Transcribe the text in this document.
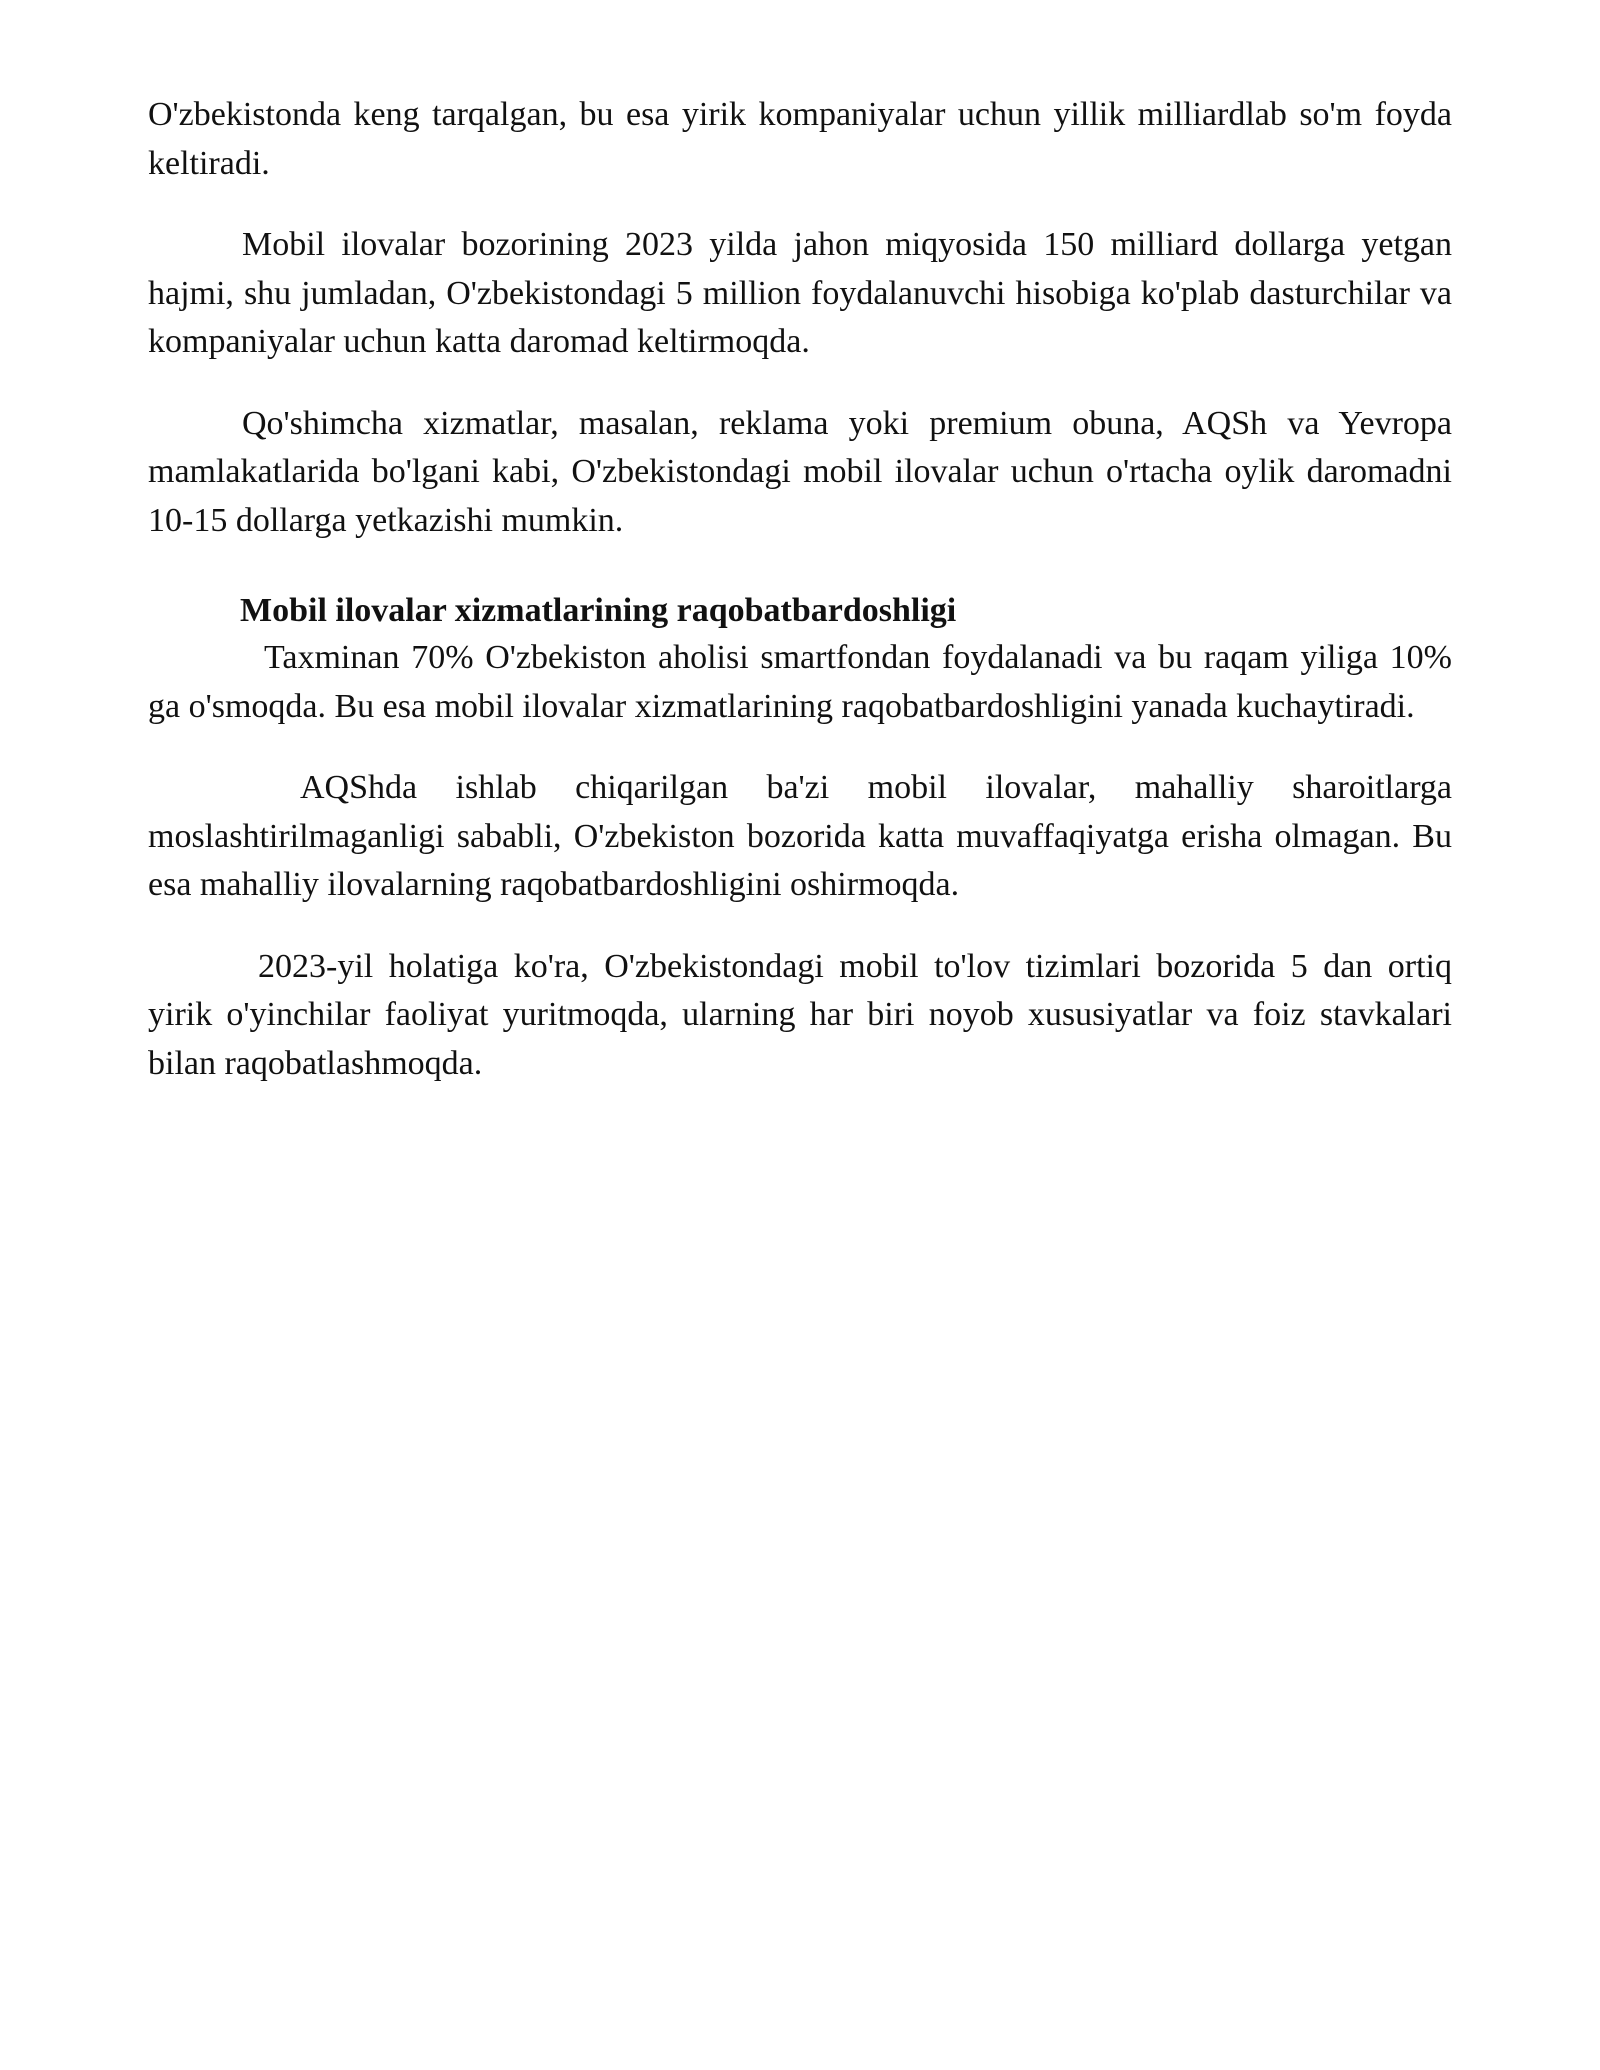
O'zbekistonda keng tarqalgan, bu esa yirik kompaniyalar uchun yillik milliardlab so'm foyda keltiradi.

Mobil ilovalar bozorining 2023 yilda jahon miqyosida 150 milliard dollarga yetgan hajmi, shu jumladan, O'zbekistondagi 5 million foydalanuvchi hisobiga ko'plab dasturchilar va kompaniyalar uchun katta daromad keltirmoqda.

Qo'shimcha xizmatlar, masalan, reklama yoki premium obuna, AQSh va Yevropa mamlakatlarida bo'lgani kabi, O'zbekistondagi mobil ilovalar uchun o'rtacha oylik daromadni 10-15 dollarga yetkazishi mumkin.

Mobil ilovalar xizmatlarining raqobatbardoshligi

Taxminan 70% O'zbekiston aholisi smartfondan foydalanadi va bu raqam yiliga 10% ga o'smoqda. Bu esa mobil ilovalar xizmatlarining raqobatbardoshligini yanada kuchaytiradi.

AQShda ishlab chiqarilgan ba'zi mobil ilovalar, mahalliy sharoitlarga moslashtirilmaganligi sababli, O'zbekiston bozorida katta muvaffaqiyatga erisha olmagan. Bu esa mahalliy ilovalarning raqobatbardoshligini oshirmoqda.

2023-yil holatiga ko'ra, O'zbekistondagi mobil to'lov tizimlari bozorida 5 dan ortiq yirik o'yinchilar faoliyat yuritmoqda, ularning har biri noyob xususiyatlar va foiz stavkalari bilan raqobatlashmoqda.
